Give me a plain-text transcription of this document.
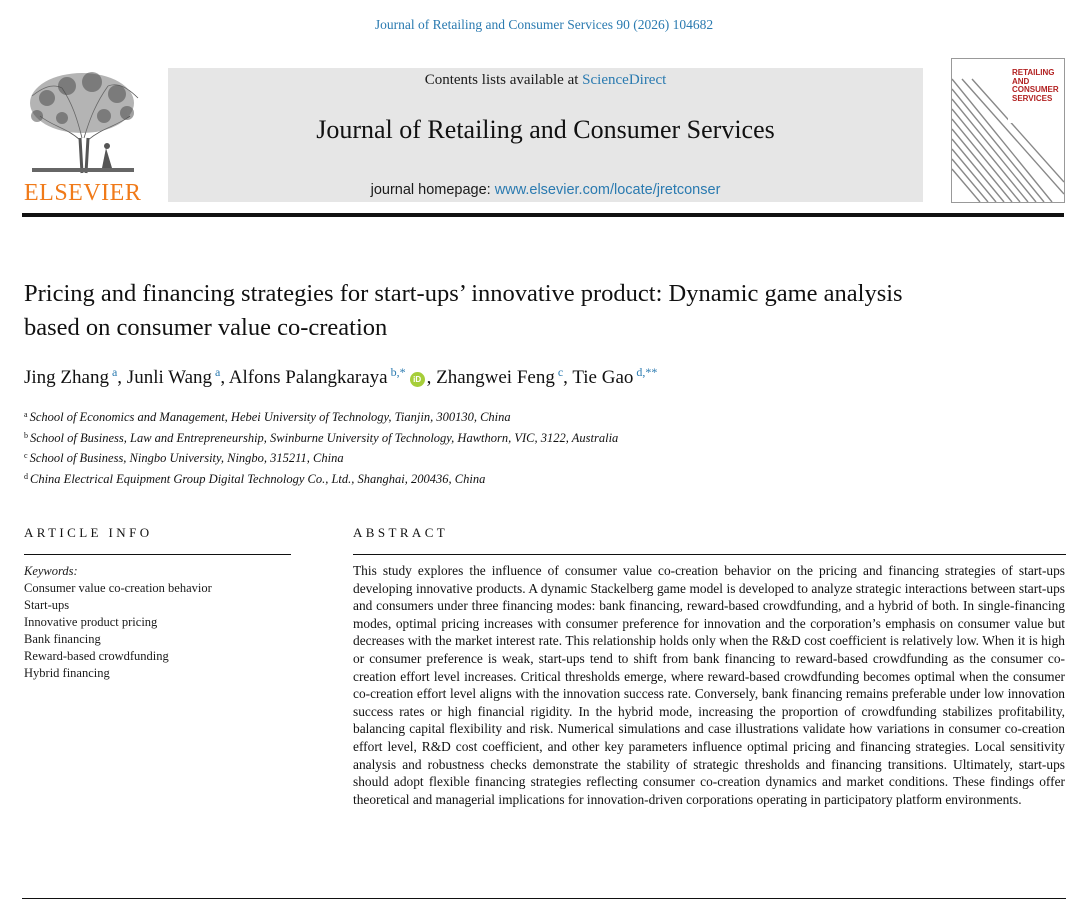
Journal of Retailing and Consumer Services 90 (2026) 104682
ELSEVIER
Contents lists available at ScienceDirect
Journal of Retailing and Consumer Services
journal homepage: www.elsevier.com/locate/jretconser
RETAILING AND CONSUMER SERVICES
Pricing and financing strategies for start-ups’ innovative product: Dynamic game analysis based on consumer value co-creation
Jing Zhang $^a$, Junli Wang $^a$, Alfons Palangkaraya $^{b,*}$iD , Zhangwei Feng $^c$, Tie Gao $^{d,**}$
$^a$ School of Economics and Management, Hebei University of Technology, Tianjin, 300130, China
$^b$ School of Business, Law and Entrepreneurship, Swinburne University of Technology, Hawthorn, VIC, 3122, Australia
$^c$ School of Business, Ningbo University, Ningbo, 315211, China
$^d$ China Electrical Equipment Group Digital Technology Co., Ltd., Shanghai, 200436, China
ARTICLE INFO
Keywords:
Consumer value co-creation behavior
Start-ups
Innovative product pricing
Bank financing
Reward-based crowdfunding
Hybrid financing
ABSTRACT
This study explores the influence of consumer value co-creation behavior on the pricing and financing strategies of start-ups developing innovative products. A dynamic Stackelberg game model is developed to analyze strategic interactions between start-ups and consumers under three financing modes: bank financing, reward-based crowdfunding, and a hybrid of both. In single-financing modes, optimal pricing increases with consumer preference for innovation and the corporation’s emphasis on consumer value but decreases with the market interest rate. This relationship holds only when the R&D cost coefficient is relatively low. When it is high or consumer preference is weak, start-ups tend to shift from bank financing to reward-based crowdfunding as the consumer co-creation effort level increases. Critical thresholds emerge, where reward-based crowdfunding becomes optimal when the consumer co-creation effort level aligns with the innovation success rate. Conversely, bank financing remains preferable under low innovation success rates or high financial rigidity. In the hybrid mode, increasing the proportion of crowdfunding stabilizes profitability, balancing capital flexibility and risk. Numerical simulations and case illustrations validate how variations in consumer co-creation effort level, R&D cost coefficient, and other key parameters influence optimal pricing and financing strategies. Local sensitivity analysis and robustness checks demonstrate the stability of strategic thresholds and financing transitions. Ultimately, start-ups should adopt flexible financing strategies reflecting consumer co-creation dynamics and market conditions. These findings offer theoretical and managerial implications for innovation-driven corporations operating in participatory platform environments.
